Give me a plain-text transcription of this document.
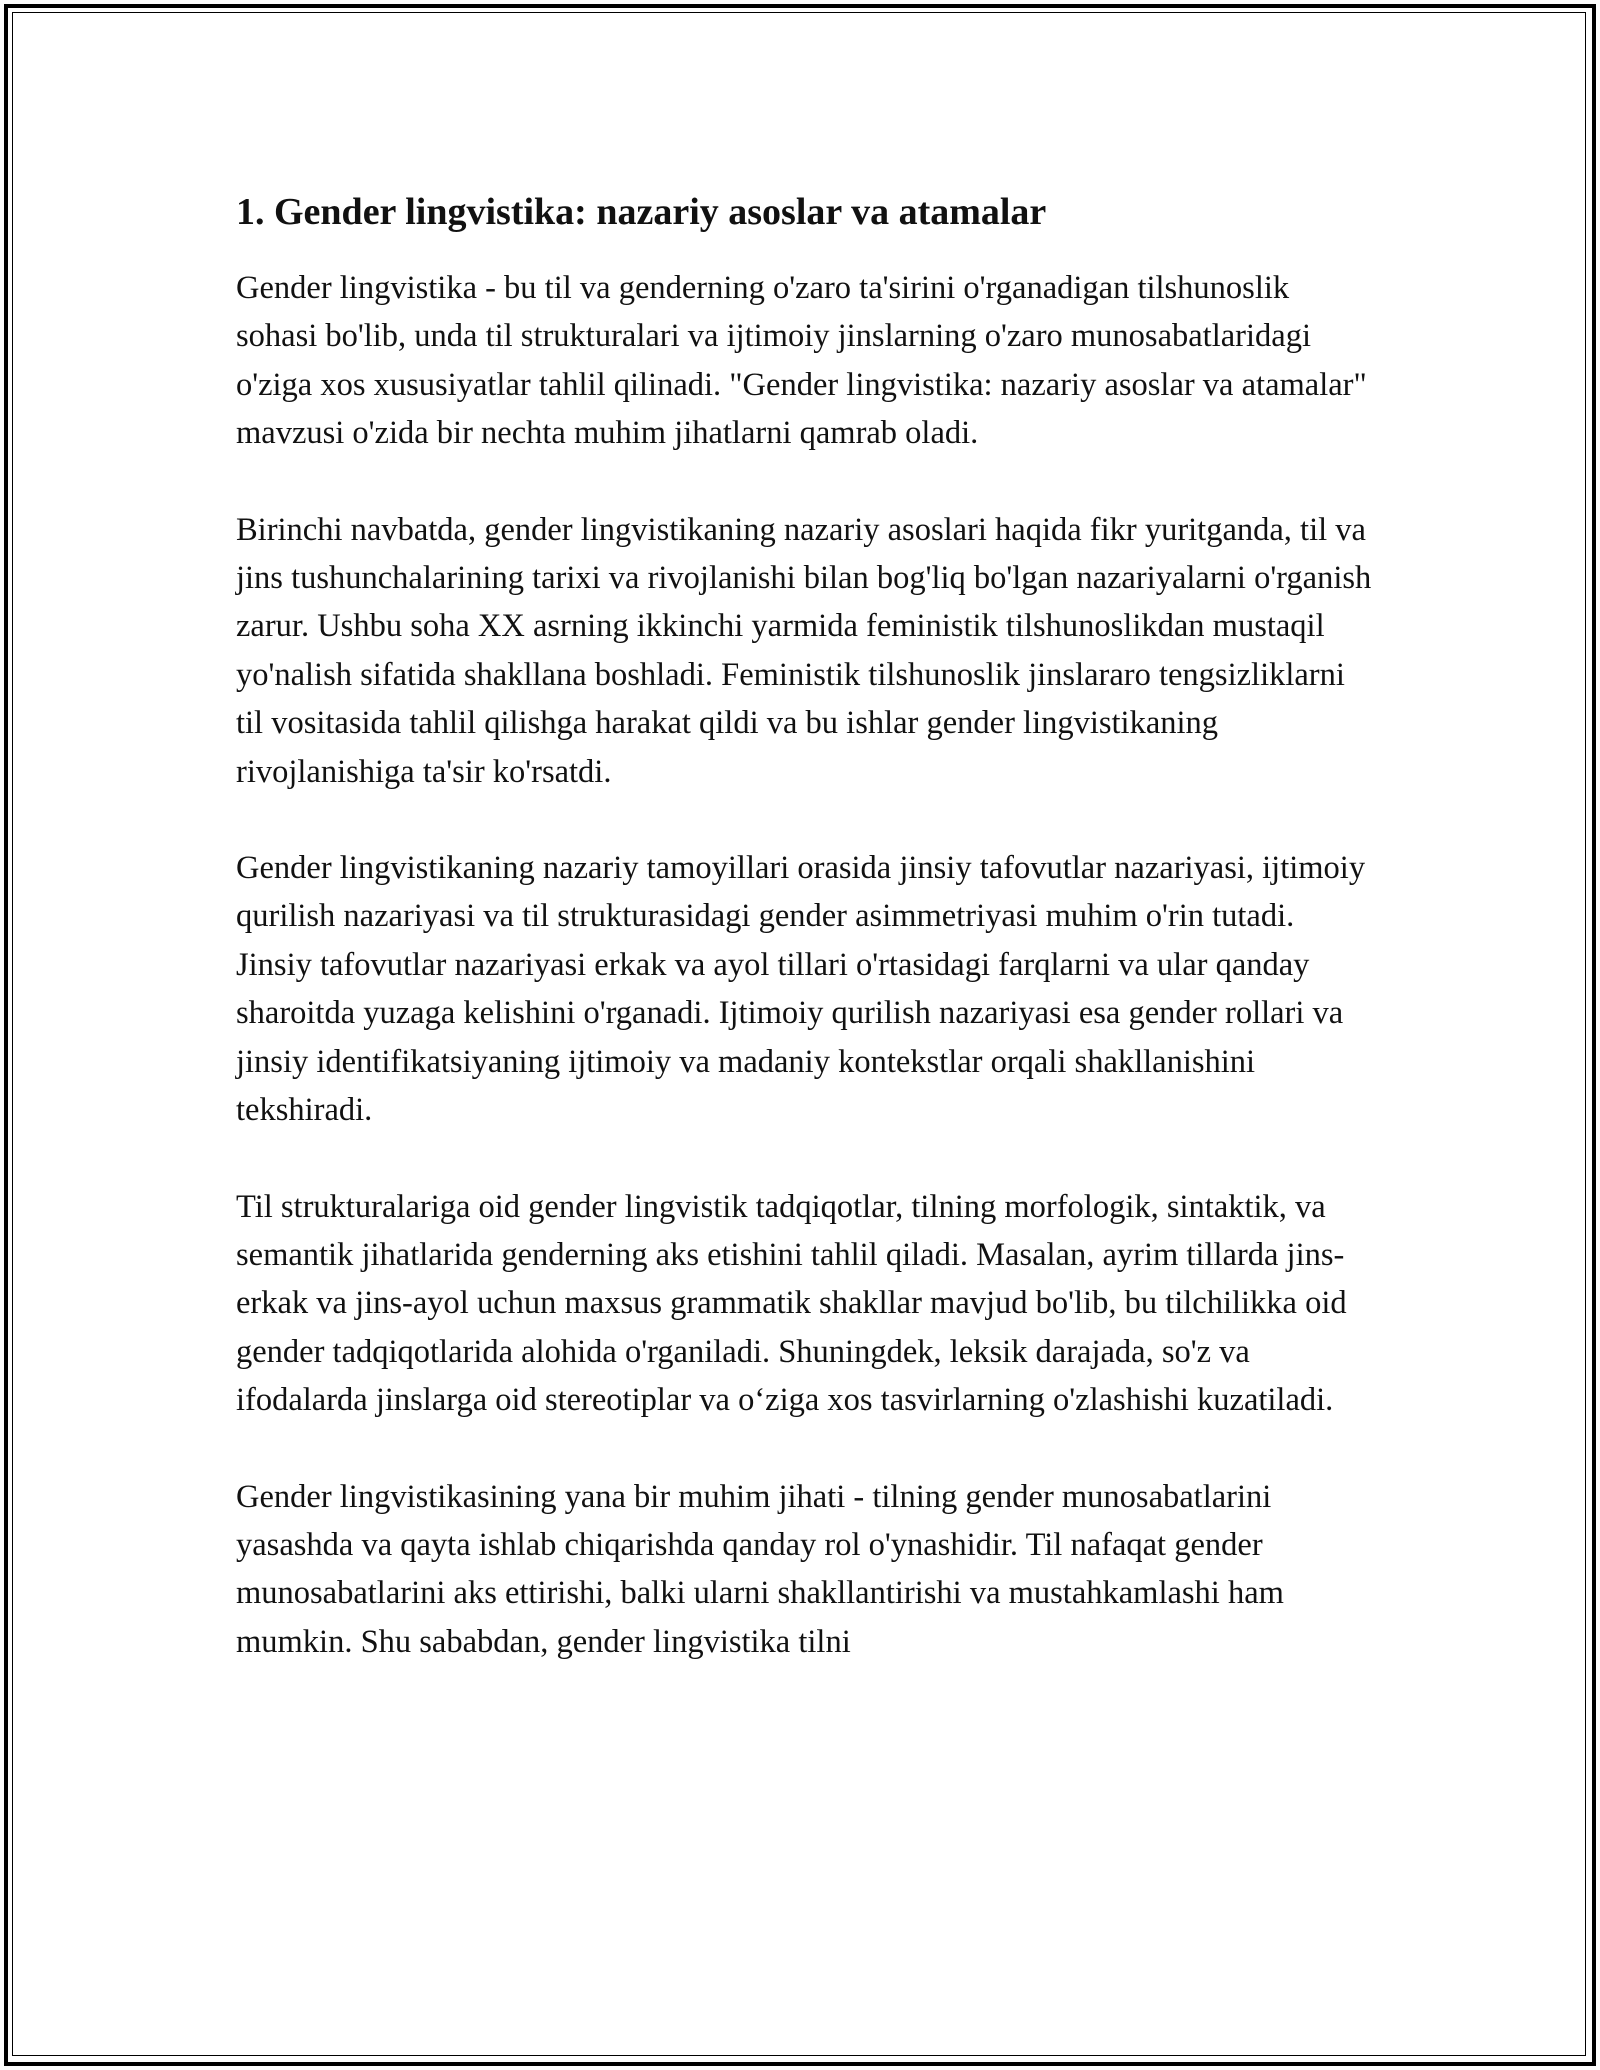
1. Gender lingvistika: nazariy asoslar va atamalar

Gender lingvistika - bu til va genderning o'zaro ta'sirini o'rganadigan tilshunoslik sohasi bo'lib, unda til strukturalari va ijtimoiy jinslarning o'zaro munosabatlaridagi o'ziga xos xususiyatlar tahlil qilinadi. "Gender lingvistika: nazariy asoslar va atamalar" mavzusi o'zida bir nechta muhim jihatlarni qamrab oladi.

Birinchi navbatda, gender lingvistikaning nazariy asoslari haqida fikr yuritganda, til va jins tushunchalarining tarixi va rivojlanishi bilan bog'liq bo'lgan nazariyalarni o'rganish zarur. Ushbu soha XX asrning ikkinchi yarmida feministik tilshunoslikdan mustaqil yo'nalish sifatida shakllana boshladi. Feministik tilshunoslik jinslararo tengsizliklarni til vositasida tahlil qilishga harakat qildi va bu ishlar gender lingvistikaning rivojlanishiga ta'sir ko'rsatdi.

Gender lingvistikaning nazariy tamoyillari orasida jinsiy tafovutlar nazariyasi, ijtimoiy qurilish nazariyasi va til strukturasidagi gender asimmetriyasi muhim o'rin tutadi. Jinsiy tafovutlar nazariyasi erkak va ayol tillari o'rtasidagi farqlarni va ular qanday sharoitda yuzaga kelishini o'rganadi. Ijtimoiy qurilish nazariyasi esa gender rollari va jinsiy identifikatsiyaning ijtimoiy va madaniy kontekstlar orqali shakllanishini tekshiradi.

Til strukturalariga oid gender lingvistik tadqiqotlar, tilning morfologik, sintaktik, va semantik jihatlarida genderning aks etishini tahlil qiladi. Masalan, ayrim tillarda jins-erkak va jins-ayol uchun maxsus grammatik shakllar mavjud bo'lib, bu tilchilikka oid gender tadqiqotlarida alohida o'rganiladi. Shuningdek, leksik darajada, so'z va ifodalarda jinslarga oid stereotiplar va o‘ziga xos tasvirlarning o'zlashishi kuzatiladi.

Gender lingvistikasining yana bir muhim jihati - tilning gender munosabatlarini yasashda va qayta ishlab chiqarishda qanday rol o'ynashidir. Til nafaqat gender munosabatlarini aks ettirishi, balki ularni shakllantirishi va mustahkamlashi ham mumkin. Shu sababdan, gender lingvistika tilni
